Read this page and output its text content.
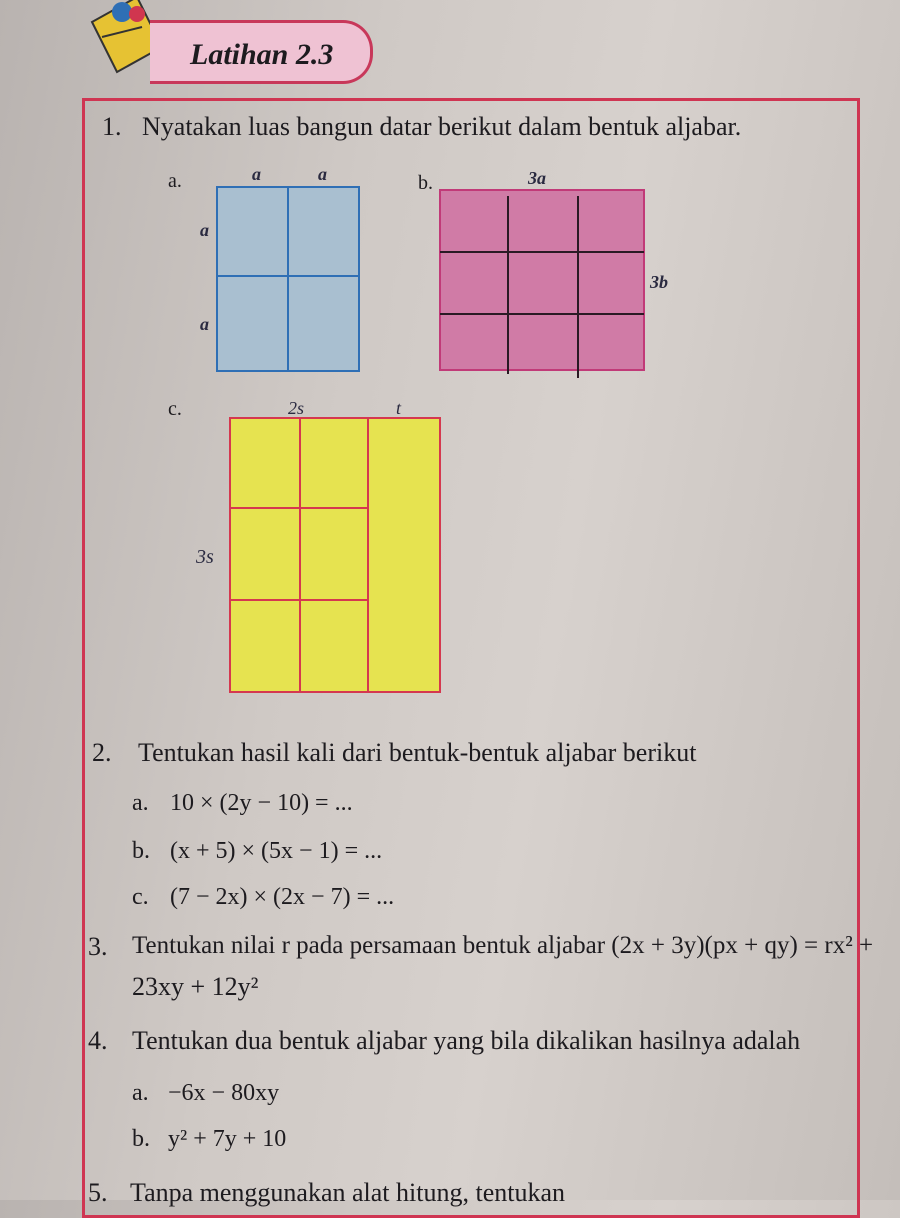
Latihan 2.3
1. Nyatakan luas bangun datar berikut dalam bentuk aljabar.
a.	a	a
a
a
b.	3a
3b
c.	2s	t
3s
2. Tentukan hasil kali dari bentuk-bentuk aljabar berikut
a. 10 × (2y − 10) = ...
b. (x + 5) × (5x − 1) = ...
c. (7 − 2x) × (2x − 7) = ...
3. Tentukan nilai r pada persamaan bentuk aljabar (2x + 3y)(px + qy) = rx² +
23xy + 12y²
4. Tentukan dua bentuk aljabar yang bila dikalikan hasilnya adalah
a. −6x − 80xy
b. y² + 7y + 10
5. Tanpa menggunakan alat hitung, tentukan
